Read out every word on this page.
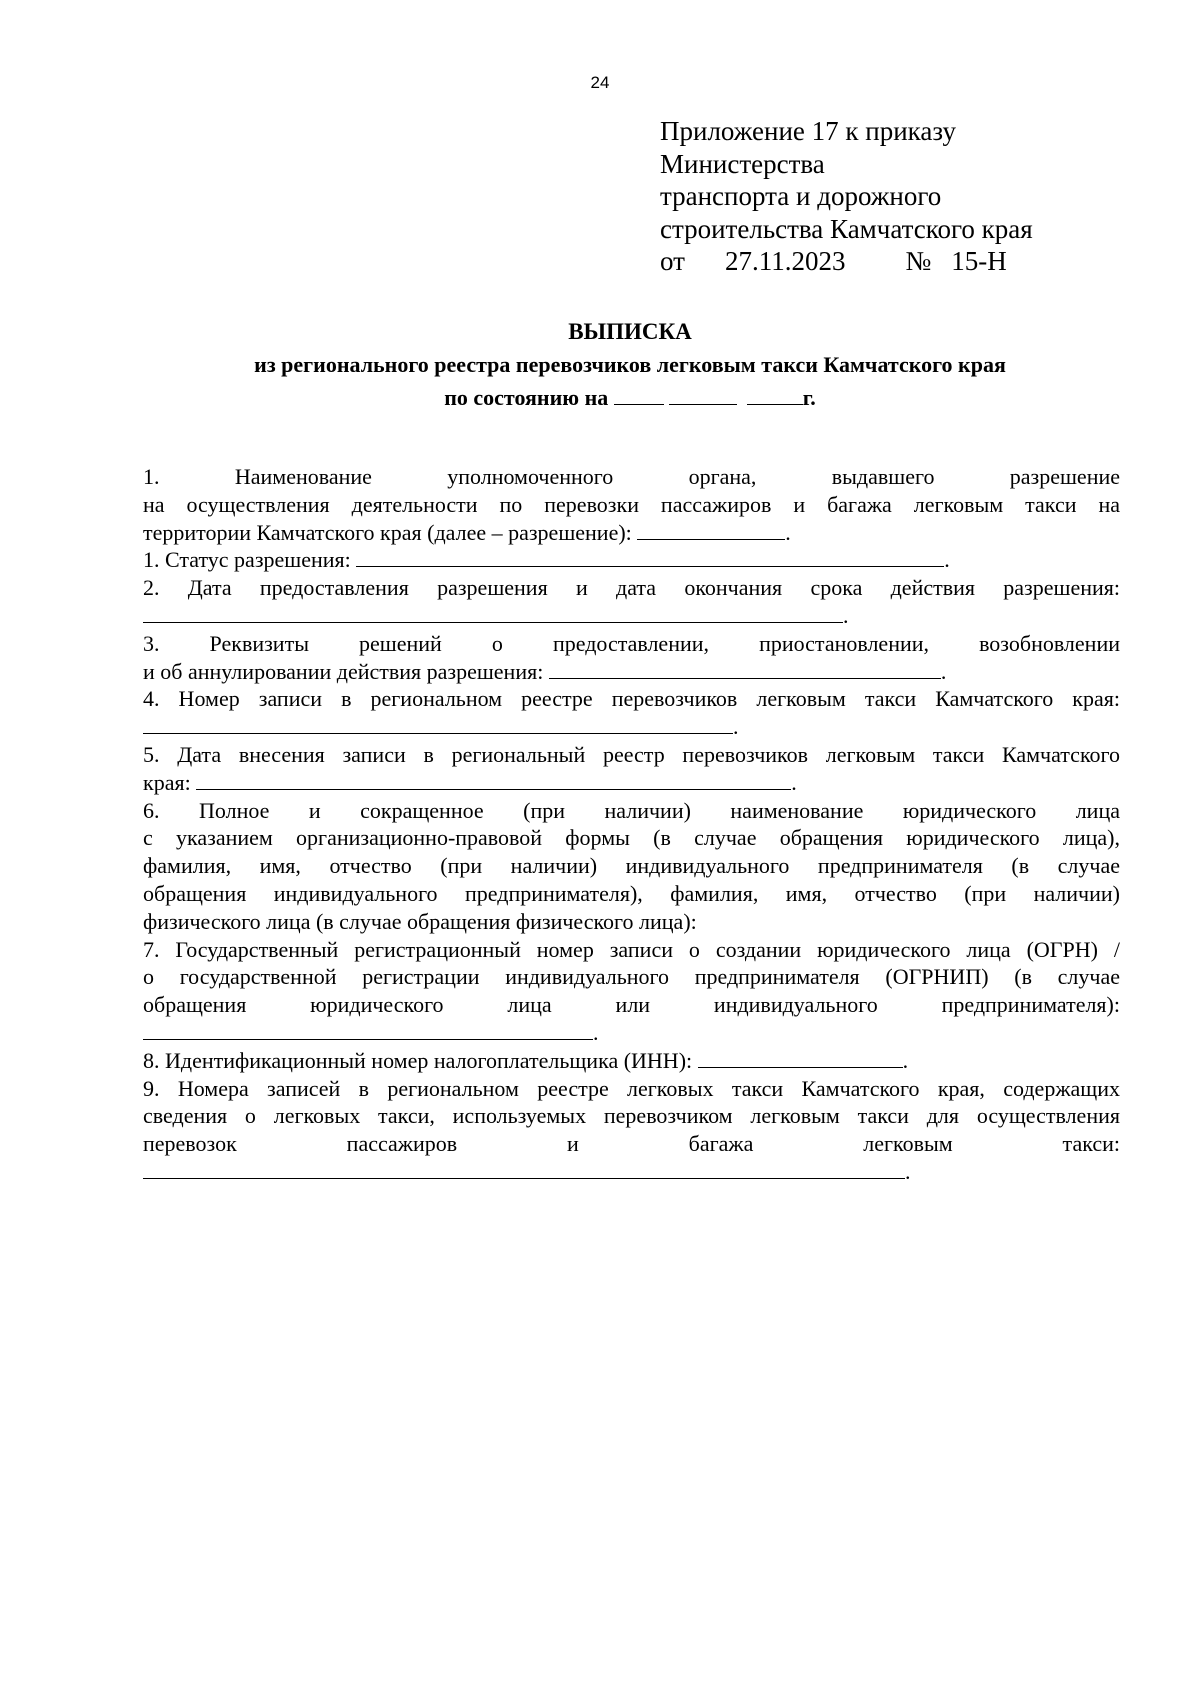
24
Приложение 17 к приказу
Министерства
транспорта и дорожного
строительства Камчатского края
от 27.11.2023 № 15-Н
ВЫПИСКА
из регионального реестра перевозчиков легковым такси Камчатского края
по состоянию на	г.
1.	Наименование уполномоченного органа, выдавшего разрешение
на осуществления деятельности по перевозки пассажиров и багажа легковым такси на
территории Камчатского края (далее – разрешение):	.
1. Статус разрешения:	.
2. Дата предоставления разрешения и дата окончания срока действия разрешения:
.
3. Реквизиты решений о предоставлении, приостановлении, возобновлении
и об аннулировании действия разрешения:	.
4. Номер записи в региональном реестре перевозчиков легковым такси Камчатского края:
.
5. Дата внесения записи в региональный реестр перевозчиков легковым такси Камчатского
края:	.
6. Полное и сокращенное (при наличии) наименование юридического лица
с указанием организационно-правовой формы (в случае обращения юридического лица),
фамилия, имя, отчество (при наличии) индивидуального предпринимателя (в случае
обращения индивидуального предпринимателя), фамилия, имя, отчество (при наличии)
физического лица (в случае обращения физического лица):
7. Государственный регистрационный номер записи о создании юридического лица (ОГРН) /
о государственной регистрации индивидуального предпринимателя (ОГРНИП) (в случае
обращения юридического лица или индивидуального предпринимателя):
.
8. Идентификационный номер налогоплательщика (ИНН):	.
9. Номера записей в региональном реестре легковых такси Камчатского края, содержащих
сведения о легковых такси, используемых перевозчиком легковым такси для осуществления
перевозок пассажиров и багажа легковым такси:
.
